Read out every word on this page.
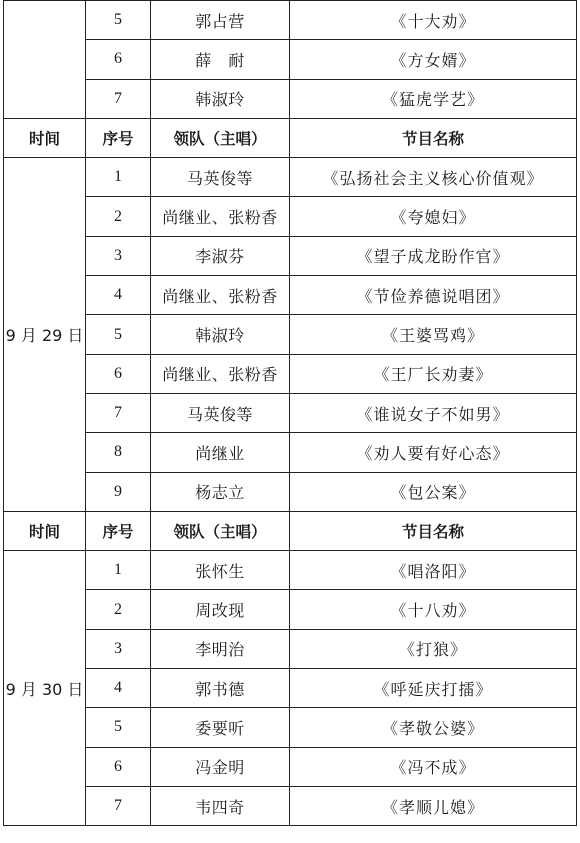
	5	郭占营	《十大劝》
	6	薛　耐	《方女婿》
	7	韩淑玲	《猛虎学艺》
时间	序号	领队（主唱）	节目名称
9 月 29 日	1	马英俊等	《弘扬社会主义核心价值观》
	2	尚继业、张粉香	《夸媳妇》
	3	李淑芬	《望子成龙盼作官》
	4	尚继业、张粉香	《节俭养德说唱团》
	5	韩淑玲	《王婆骂鸡》
	6	尚继业、张粉香	《王厂长劝妻》
	7	马英俊等	《谁说女子不如男》
	8	尚继业	《劝人要有好心态》
	9	杨志立	《包公案》
时间	序号	领队（主唱）	节目名称
9 月 30 日	1	张怀生	《唱洛阳》
	2	周改现	《十八劝》
	3	李明治	《打狼》
	4	郭书德	《呼延庆打擂》
	5	委要听	《孝敬公婆》
	6	冯金明	《冯不成》
	7	韦四奇	《孝顺儿媳》
